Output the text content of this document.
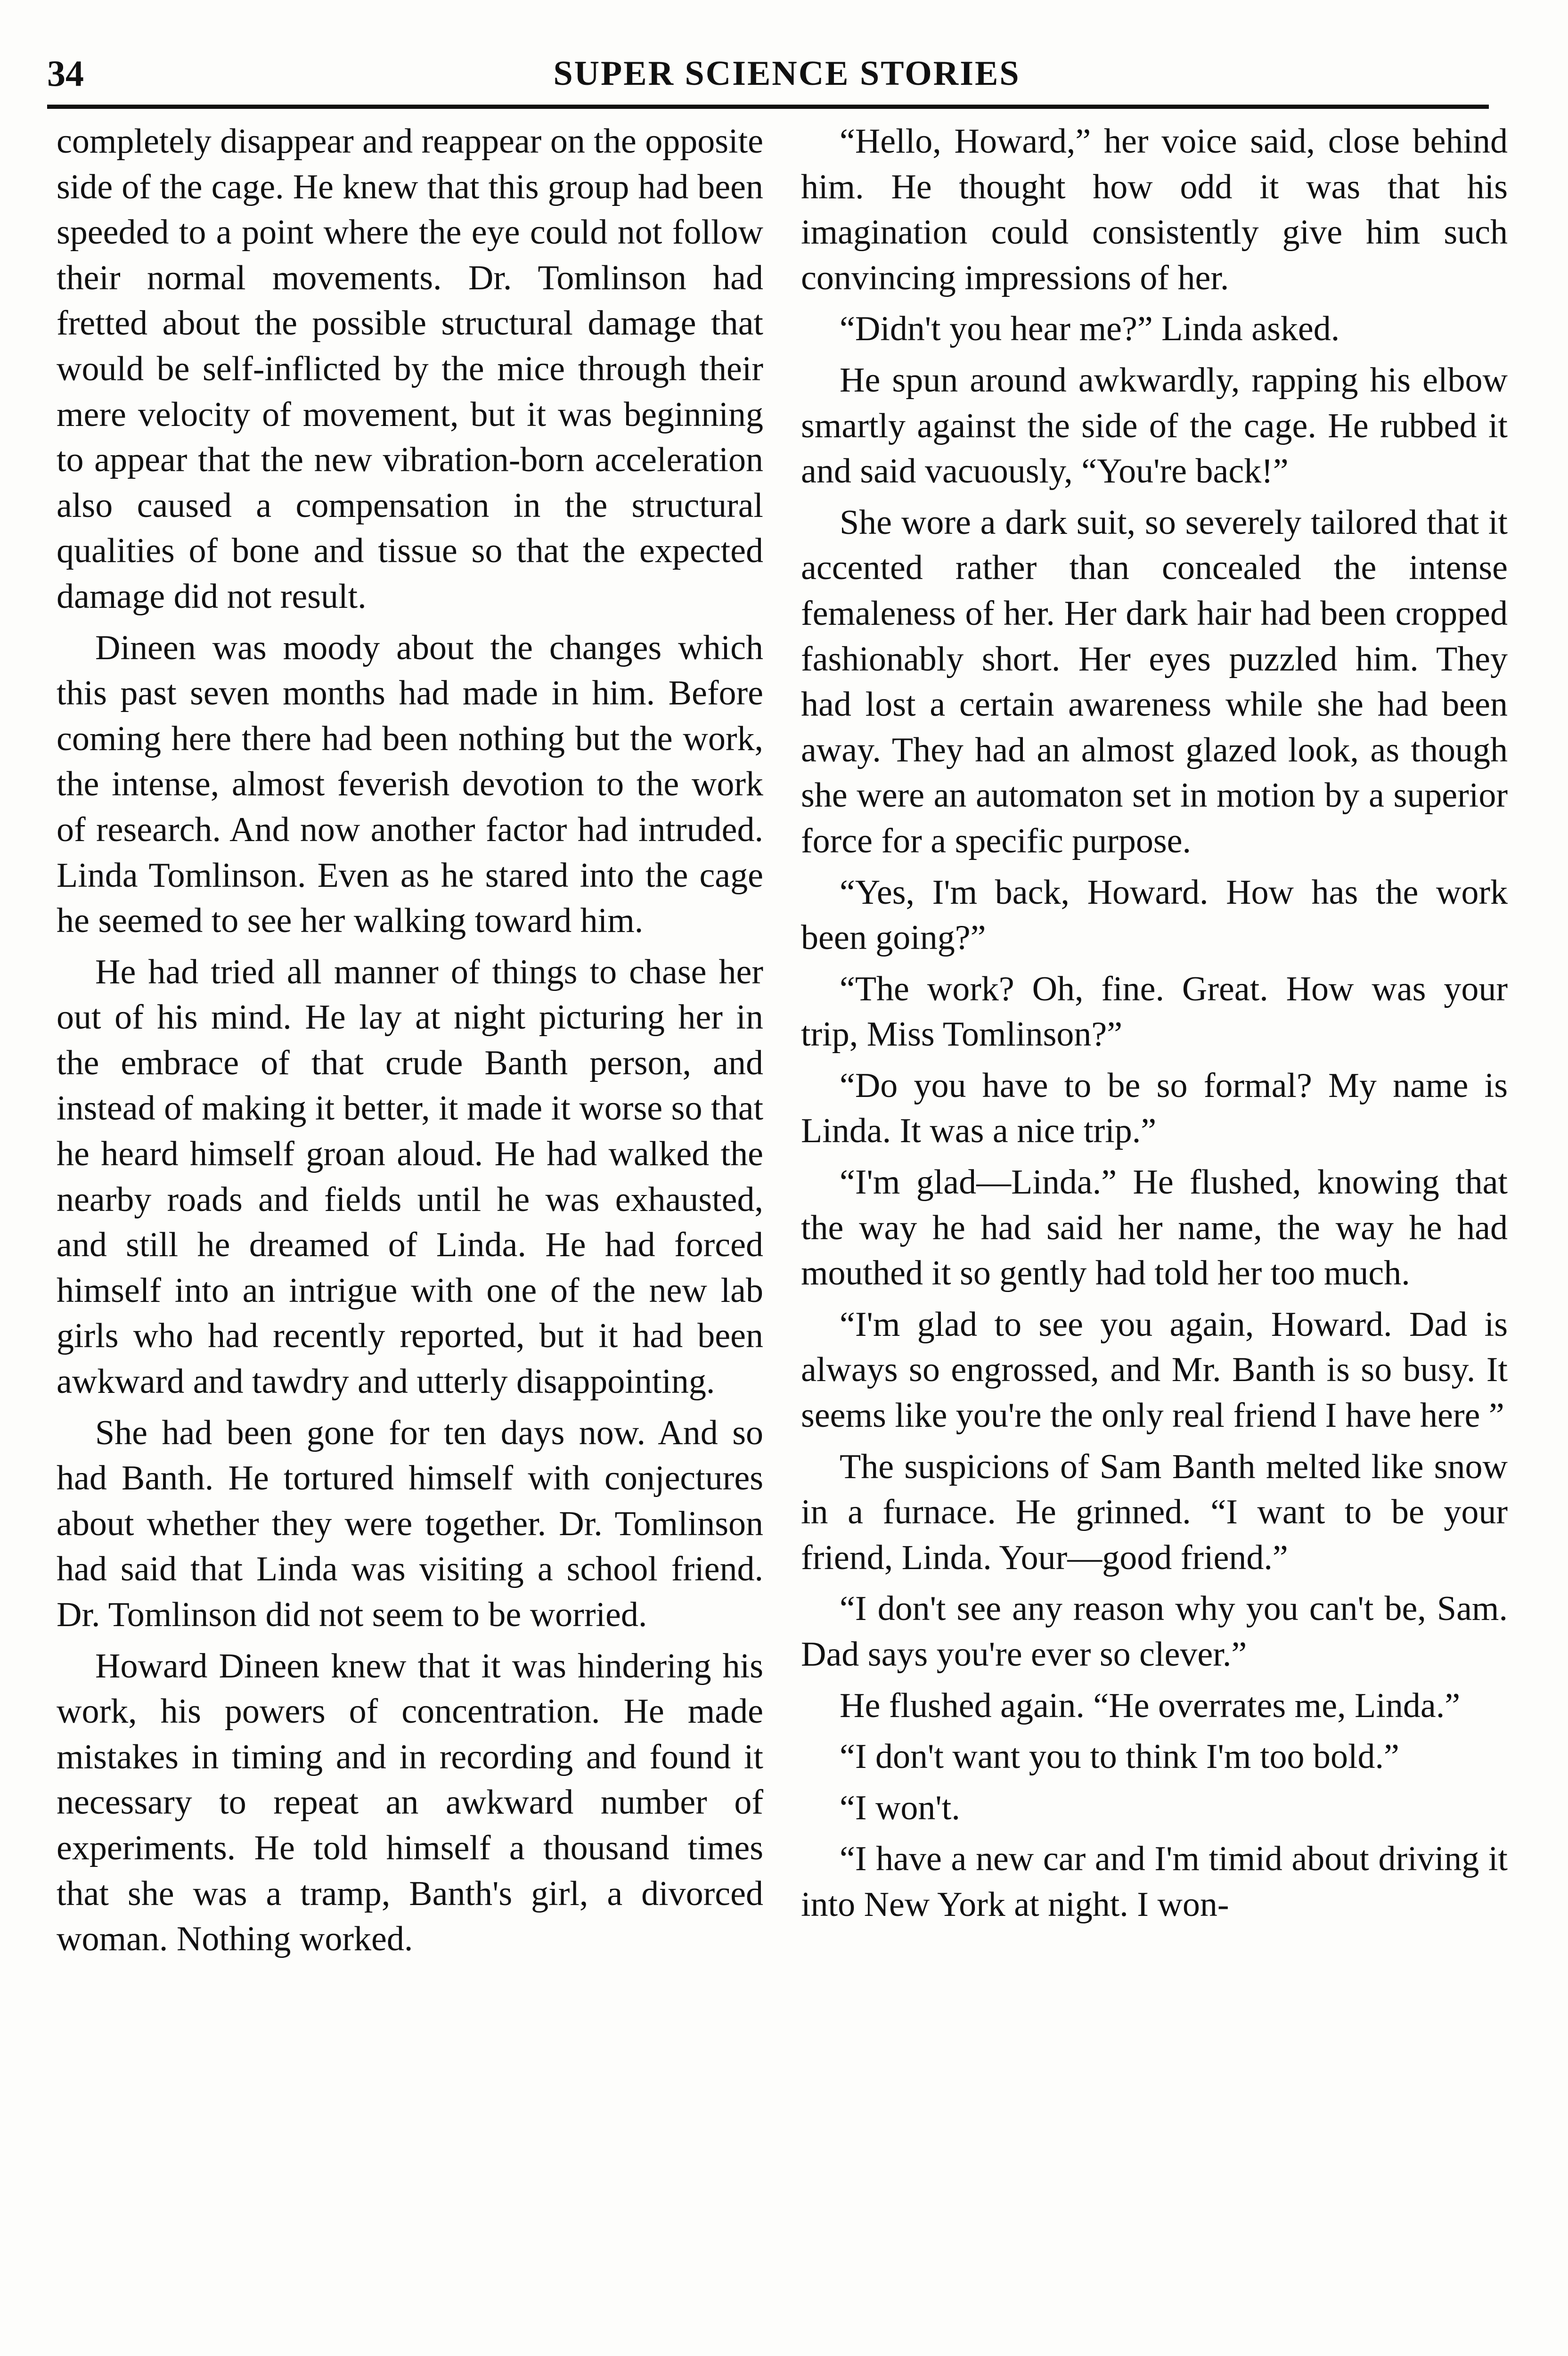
34	SUPER SCIENCE STORIES

completely disappear and reappear on the opposite side of the cage. He knew that this group had been speeded to a point where the eye could not follow their normal movements. Dr. Tomlinson had fretted about the possible structural damage that would be self-inflicted by the mice through their mere velocity of movement, but it was beginning to appear that the new vibration-born acceleration also caused a compensation in the structural qualities of bone and tissue so that the expected damage did not result.

Dineen was moody about the changes which this past seven months had made in him. Before coming here there had been nothing but the work, the intense, almost feverish devotion to the work of research. And now another factor had intruded. Linda Tomlinson. Even as he stared into the cage he seemed to see her walking toward him.

He had tried all manner of things to chase her out of his mind. He lay at night picturing her in the embrace of that crude Banth person, and instead of making it better, it made it worse so that he heard himself groan aloud. He had walked the nearby roads and fields until he was exhausted, and still he dreamed of Linda. He had forced himself into an intrigue with one of the new lab girls who had recently reported, but it had been awkward and tawdry and utterly disappointing.

She had been gone for ten days now. And so had Banth. He tortured himself with conjectures about whether they were together. Dr. Tomlinson had said that Linda was visiting a school friend. Dr. Tomlinson did not seem to be worried.

Howard Dineen knew that it was hindering his work, his powers of concentration. He made mistakes in timing and in recording and found it necessary to repeat an awkward number of experiments. He told himself a thousand times that she was a tramp, Banth's girl, a divorced woman. Nothing worked.

“Hello, Howard,” her voice said, close behind him. He thought how odd it was that his imagination could consistently give him such convincing impressions of her.

“Didn't you hear me?” Linda asked.

He spun around awkwardly, rapping his elbow smartly against the side of the cage. He rubbed it and said vacuously, “You're back!”

She wore a dark suit, so severely tailored that it accented rather than concealed the intense femaleness of her. Her dark hair had been cropped fashionably short. Her eyes puzzled him. They had lost a certain awareness while she had been away. They had an almost glazed look, as though she were an automaton set in motion by a superior force for a specific purpose.

“Yes, I'm back, Howard. How has the work been going?”

“The work? Oh, fine. Great. How was your trip, Miss Tomlinson?”

“Do you have to be so formal? My name is Linda. It was a nice trip.”

“I'm glad—Linda.” He flushed, knowing that the way he had said her name, the way he had mouthed it so gently had told her too much.

“I'm glad to see you again, Howard. Dad is always so engrossed, and Mr. Banth is so busy. It seems like you're the only real friend I have here ”

The suspicions of Sam Banth melted like snow in a furnace. He grinned. “I want to be your friend, Linda. Your—good friend.”

“I don't see any reason why you can't be, Sam. Dad says you're ever so clever.”

He flushed again. “He overrates me, Linda.”

“I don't want you to think I'm too bold.”

“I won't.

“I have a new car and I'm timid about driving it into New York at night. I won-
